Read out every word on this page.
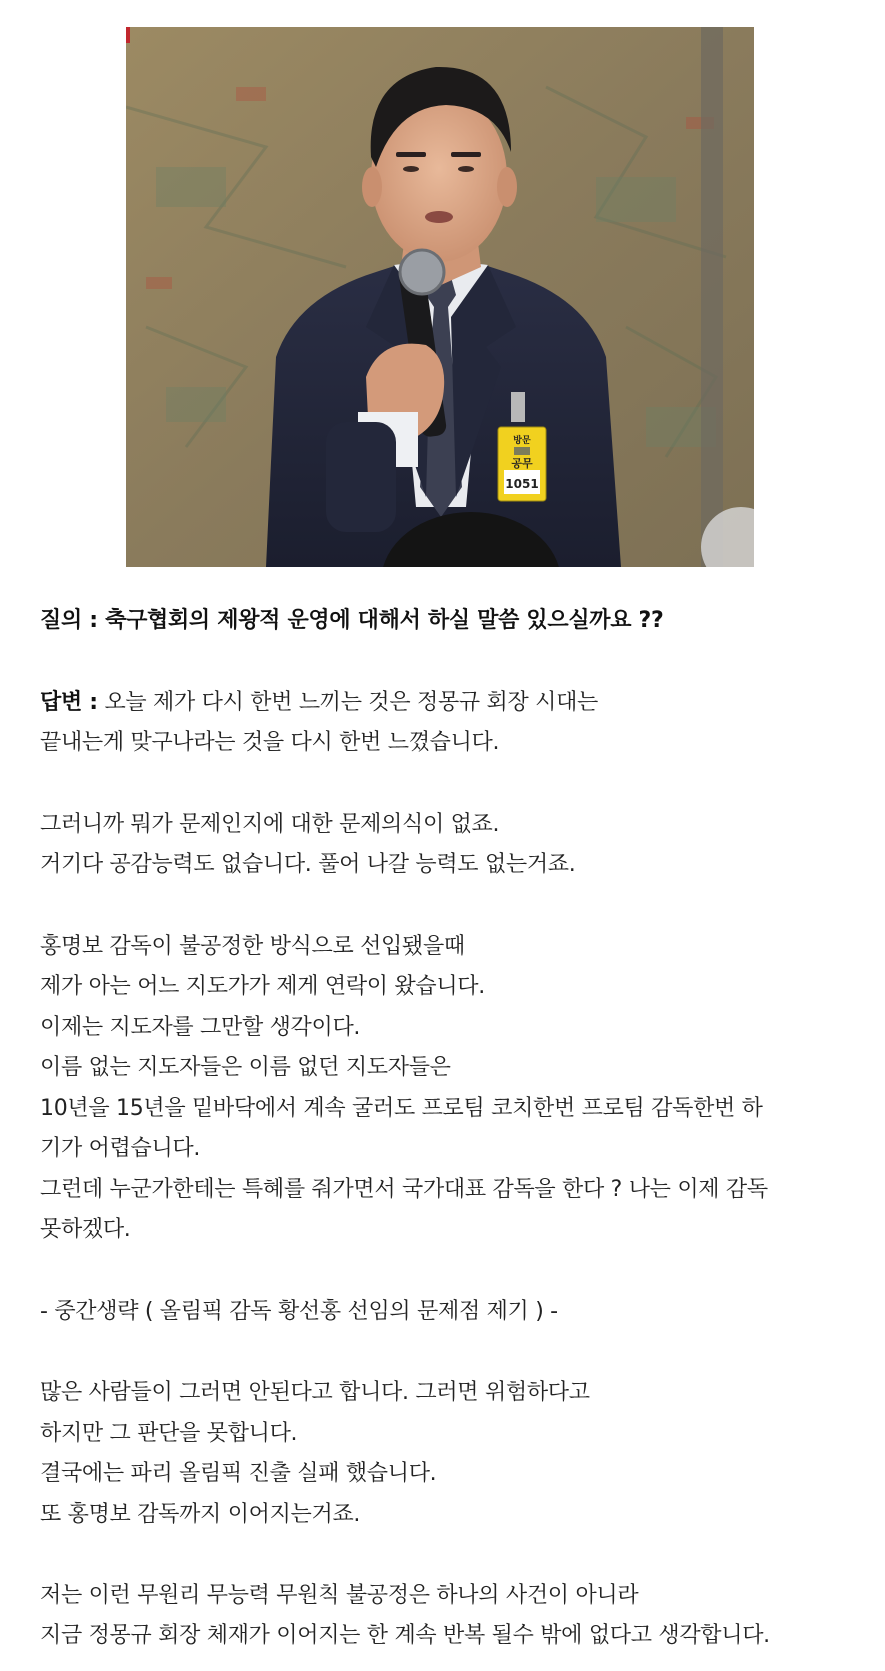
방문
공무
1051
질의 : 축구협회의 제왕적 운영에 대해서 하실 말씀 있으실까요 ??
답변 : 오늘 제가 다시 한번 느끼는 것은 정몽규 회장 시대는
끝내는게 맞구나라는 것을 다시 한번 느꼈습니다.
그러니까 뭐가 문제인지에 대한 문제의식이 없죠.
거기다 공감능력도 없습니다. 풀어 나갈 능력도 없는거죠.
홍명보 감독이 불공정한 방식으로 선입됐을때
제가 아는 어느 지도가가 제게 연락이 왔습니다.
이제는 지도자를 그만할 생각이다.
이름 없는 지도자들은 이름 없던 지도자들은
10년을 15년을 밑바닥에서 계속 굴러도 프로팀 코치한번 프로팀 감독한번 하
기가 어렵습니다.
그런데 누군가한테는 특혜를 줘가면서 국가대표 감독을 한다 ? 나는 이제 감독
못하겠다.
- 중간생략 ( 올림픽 감독 황선홍 선임의 문제점 제기 ) -
많은 사람들이 그러면 안된다고 합니다. 그러면 위험하다고
하지만 그 판단을 못합니다.
결국에는 파리 올림픽 진출 실패 했습니다.
또 홍명보 감독까지 이어지는거죠.
저는 이런 무원리 무능력 무원칙 불공정은 하나의 사건이 아니라
지금 정몽규 회장 체재가 이어지는 한 계속 반복 될수 밖에 없다고 생각합니다.
